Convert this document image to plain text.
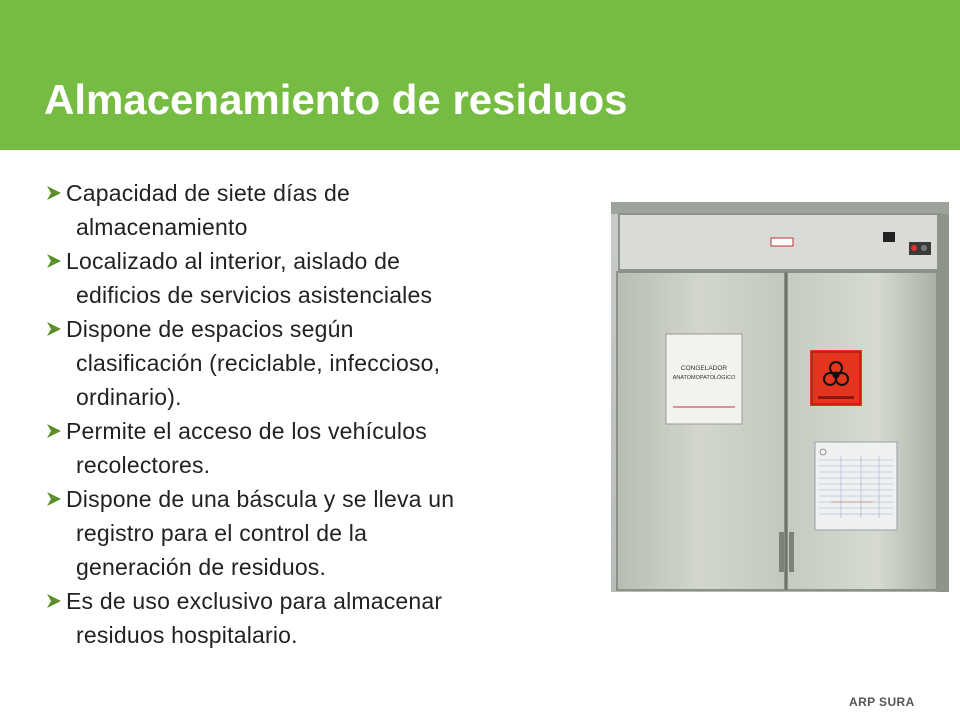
Almacenamiento de residuos
Capacidad de siete días de
almacenamiento
Localizado al interior, aislado de
edificios de servicios asistenciales
Dispone de espacios según
clasificación (reciclable, infeccioso,
ordinario).
Permite el acceso de los vehículos
recolectores.
Dispone de una báscula y se lleva un
registro para el control de la
generación de residuos.
Es de uso exclusivo para almacenar
residuos hospitalario.
CONGELADOR
ANATOMOPATOLÓGICO
ARP SURA
